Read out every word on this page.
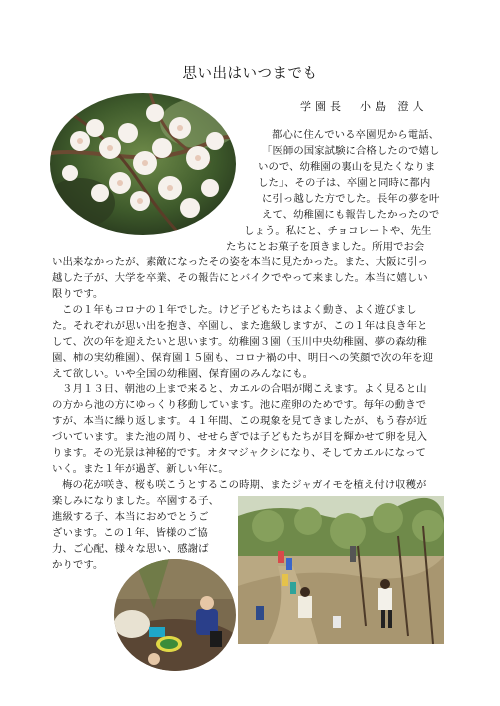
思い出はいつまでも
学園長　小島 澄人
都心に住んでいる卒園児から電話、
「医師の国家試験に合格したので嬉し
いので、幼稚園の裏山を見たくなりま
した」、その子は、卒園と同時に都内
に引っ越した方でした。長年の夢を叶
えて、幼稚園にも報告したかったので
しょう。私にと、チョコレートや、先生
たちにとお菓子を頂きました。所用でお会
い出来なかったが、素敵になったその姿を本当に見たかった。また、大阪に引っ
越した子が、大学を卒業、その報告にとバイクでやって来ました。本当に嬉しい
限りです。
この１年もコロナの１年でした。けど子どもたちはよく動き、よく遊びまし
た。それぞれが思い出を抱き、卒園し、また進級しますが、この１年は良き年と
して、次の年を迎えたいと思います。幼稚園３園（玉川中央幼稚園、夢の森幼稚
園、柿の実幼稚園）、保育園１５園も、コロナ禍の中、明日への笑顔で次の年を迎
えて欲しい。いや全国の幼稚園、保育園のみんなにも。
３月１３日、朝池の上まで来ると、カエルの合唱が聞こえます。よく見ると山
の方から池の方にゆっくり移動しています。池に産卵のためです。毎年の動きで
すが、本当に繰り返します。４１年間、この現象を見てきましたが、もう春が近
づいています。また池の周り、せせらぎでは子どもたちが目を輝かせて卵を見入
ります。その光景は神秘的です。オタマジャクシになり、そしてカエルになって
いく。また１年が過ぎ、新しい年に。
梅の花が咲き、桜も咲こうとするこの時期、またジャガイモを植え付け収穫が
楽しみになりました。卒園する子、
進級する子、本当におめでとうご
ざいます。この１年、皆様のご協
力、ご心配、様々な思い、感謝ば
かりです。
